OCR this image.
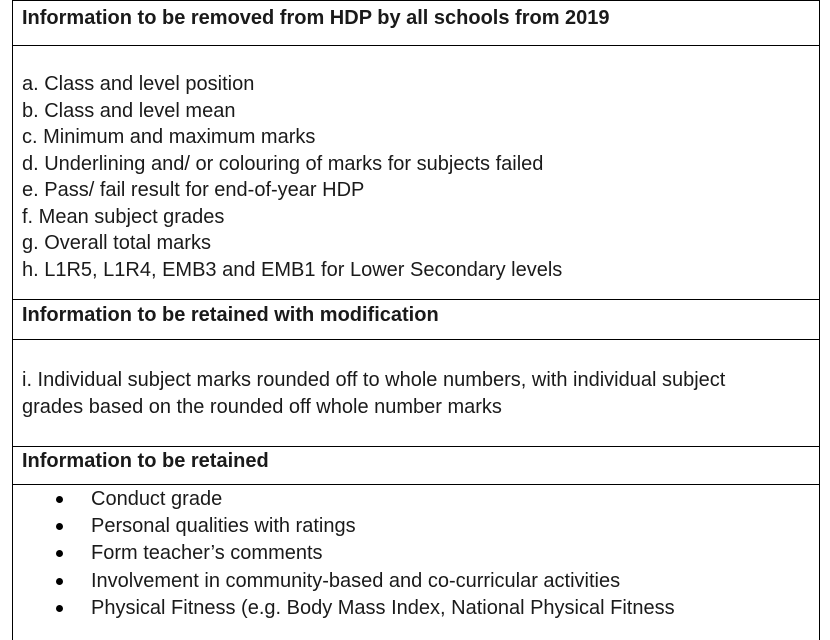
Information to be removed from HDP by all schools from 2019
a. Class and level position
b. Class and level mean
c. Minimum and maximum marks
d. Underlining and/ or colouring of marks for subjects failed
e. Pass/ fail result for end-of-year HDP
f. Mean subject grades
g. Overall total marks
h. L1R5, L1R4, EMB3 and EMB1 for Lower Secondary levels
Information to be retained with modification

i. Individual subject marks rounded off to whole numbers, with individual subject grades based on the rounded off whole number marks

Information to be retained
Conduct grade
Personal qualities with ratings
Form teacher’s comments
Involvement in community-based and co-curricular activities
Physical Fitness (e.g. Body Mass Index, National Physical Fitness
